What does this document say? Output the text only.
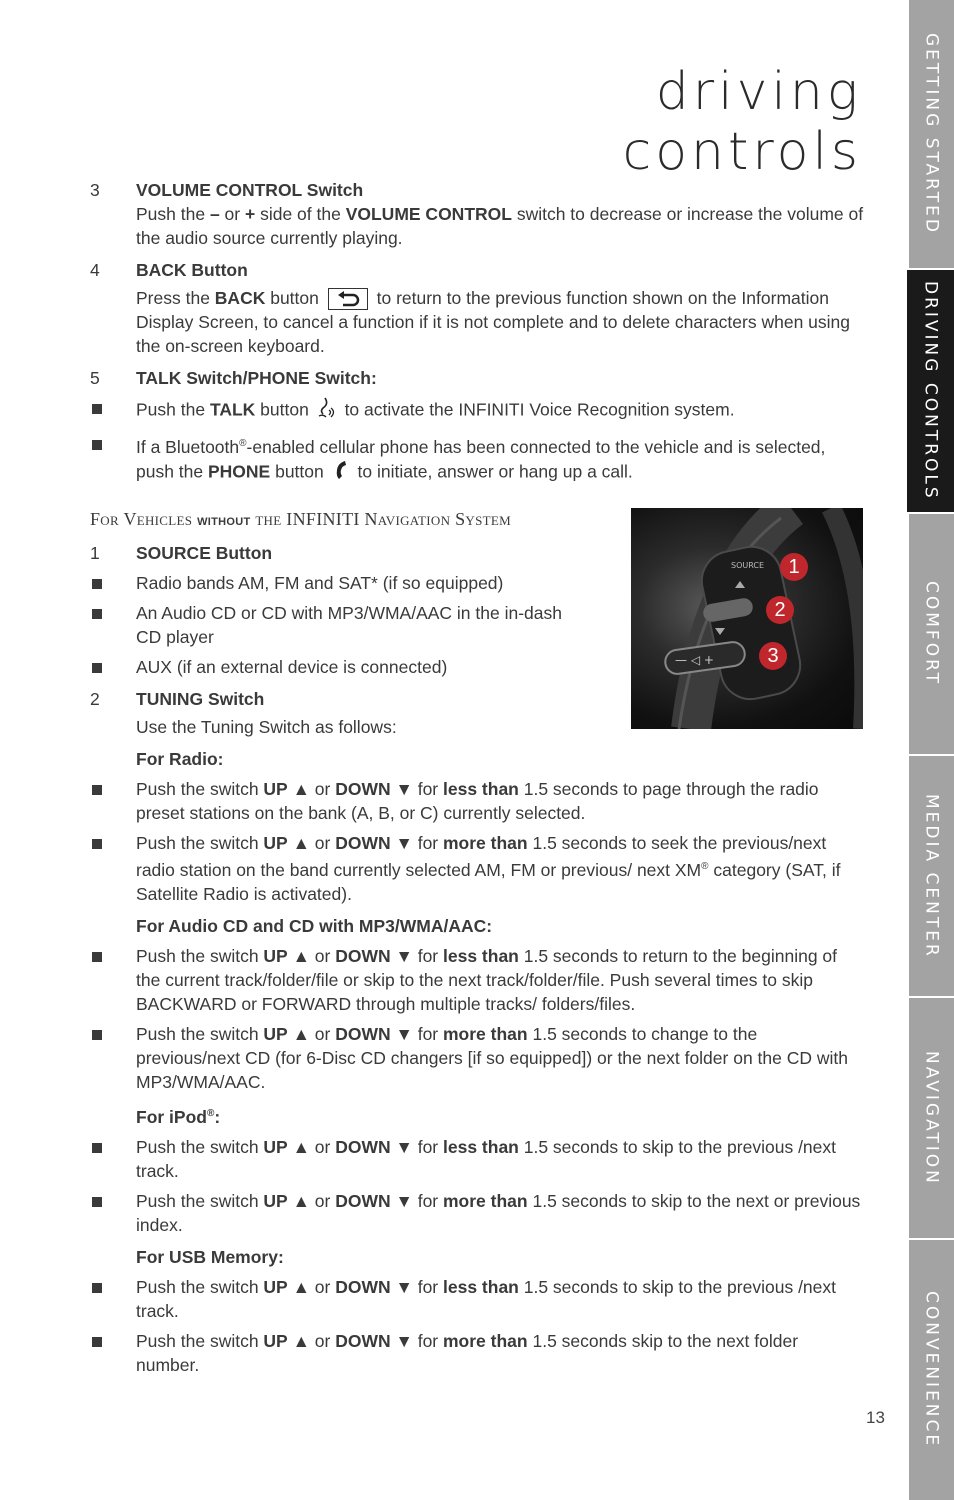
driving controls
3 VOLUME CONTROL Switch
Push the – or + side of the VOLUME CONTROL switch to decrease or increase the volume of the audio source currently playing.
4 BACK Button
Press the BACK button	to return to the previous function shown on the Information Display Screen, to cancel a function if it is not complete and to delete characters when using the on-screen keyboard.
5 TALK Switch/PHONE Switch:
Push the TALK button  to activate the INFINITI Voice Recognition system.
If a Bluetooth®-enabled cellular phone has been connected to the vehicle and is selected, push the PHONE button  to initiate, answer or hang up a call.
For Vehicles without the INFINITI Navigation System
1 SOURCE Button
Radio bands AM, FM and SAT* (if so equipped)
An Audio CD or CD with MP3/WMA/AAC in the in-dash CD player
AUX (if an external device is connected)
2 TUNING Switch
Use the Tuning Switch as follows:
For Radio:
Push the switch UP ▲ or DOWN ▼ for less than 1.5 seconds to page through the radio preset stations on the bank (A, B, or C) currently selected.
Push the switch UP ▲ or DOWN ▼ for more than 1.5 seconds to seek the previous/next radio station on the band currently selected AM, FM or previous/ next XM® category (SAT, if Satellite Radio is activated).
For Audio CD and CD with MP3/WMA/AAC:
Push the switch UP ▲ or DOWN ▼ for less than 1.5 seconds to return to the beginning of the current track/folder/file or skip to the next track/folder/file. Push several times to skip BACKWARD or FORWARD through multiple tracks/ folders/files.
Push the switch UP ▲ or DOWN ▼ for more than 1.5 seconds to change to the previous/next CD (for 6-Disc CD changers [if so equipped]) or the next folder on the CD with MP3/WMA/AAC.
For iPod®:
Push the switch UP ▲ or DOWN ▼ for less than 1.5 seconds to skip to the previous /next track.
Push the switch UP ▲ or DOWN ▼ for more than 1.5 seconds to skip to the next or previous index.
For USB Memory:
Push the switch UP ▲ or DOWN ▼ for less than 1.5 seconds to skip to the previous /next track.
Push the switch UP ▲ or DOWN ▼ for more than 1.5 seconds skip to the next folder number.
SOURCE
— ◁ +
1
2
3
13
GETTING STARTED
DRIVING CONTROLS
COMFORT
MEDIA CENTER
NAVIGATION
CONVENIENCE
